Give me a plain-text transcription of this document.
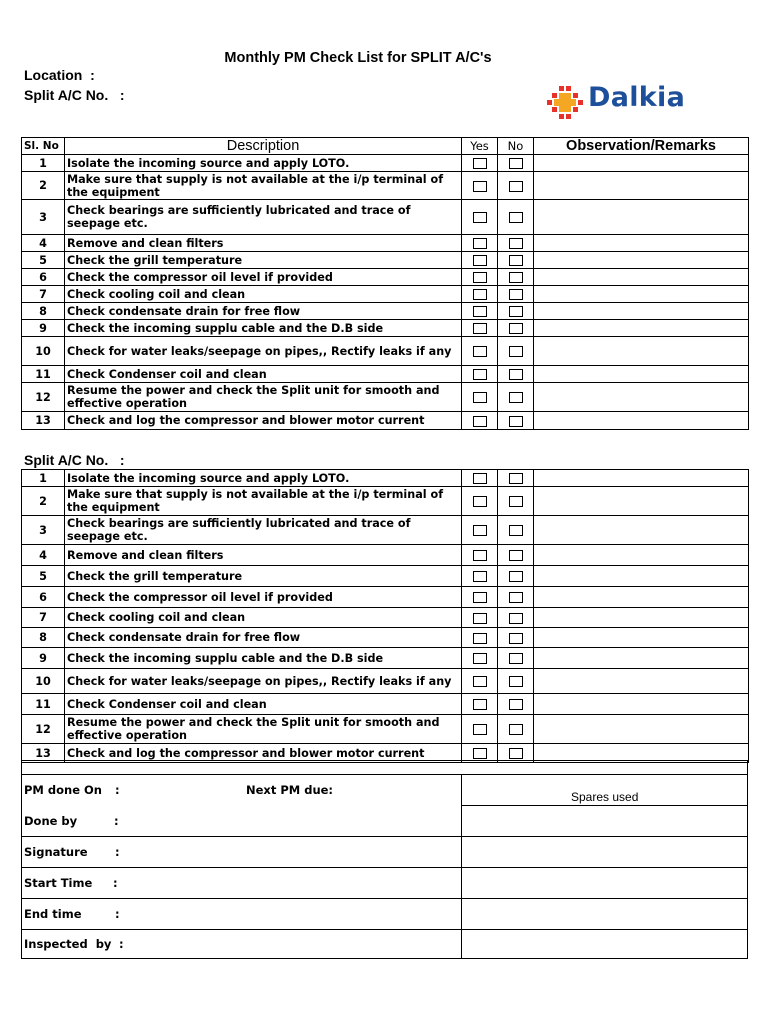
Monthly PM Check List for SPLIT A/C's
Location  :
Split A/C No.   :	Dalkia
Sl. No	Description	Yes	No	Observation/Remarks
1	Isolate the incoming source and apply LOTO.			
2	Make sure that supply is not available at the i/p terminal of the equipment			
3	Check bearings are sufficiently lubricated and trace of seepage etc.			
4	Remove and clean filters			
5	Check the grill temperature			
6	Check the compressor oil level if provided			
7	Check cooling coil and clean			
8	Check condensate drain for free flow			
9	Check the incoming supplu cable and the D.B side			
10	Check for water leaks/seepage on pipes,, Rectify leaks if any			
11	Check Condenser coil and clean			
12	Resume the power and check the Split unit for smooth and effective operation			
13	Check and log the compressor and blower motor current			
Split A/C No.   :
1	Isolate the incoming source and apply LOTO.			
2	Make sure that supply is not available at the i/p terminal of the equipment			
3	Check bearings are sufficiently lubricated and trace of seepage etc.			
4	Remove and clean filters			
5	Check the grill temperature			
6	Check the compressor oil level if provided			
7	Check cooling coil and clean			
8	Check condensate drain for free flow			
9	Check the incoming supplu cable and the D.B side			
10	Check for water leaks/seepage on pipes,, Rectify leaks if any			
11	Check Condenser coil and clean			
12	Resume the power and check the Split unit for smooth and effective operation			
13	Check and log the compressor and blower motor current			
PM done On :	Next PM due:	Spares used
Done by	:
Signature :
Start Time :
End time	:
Inspected  by :
